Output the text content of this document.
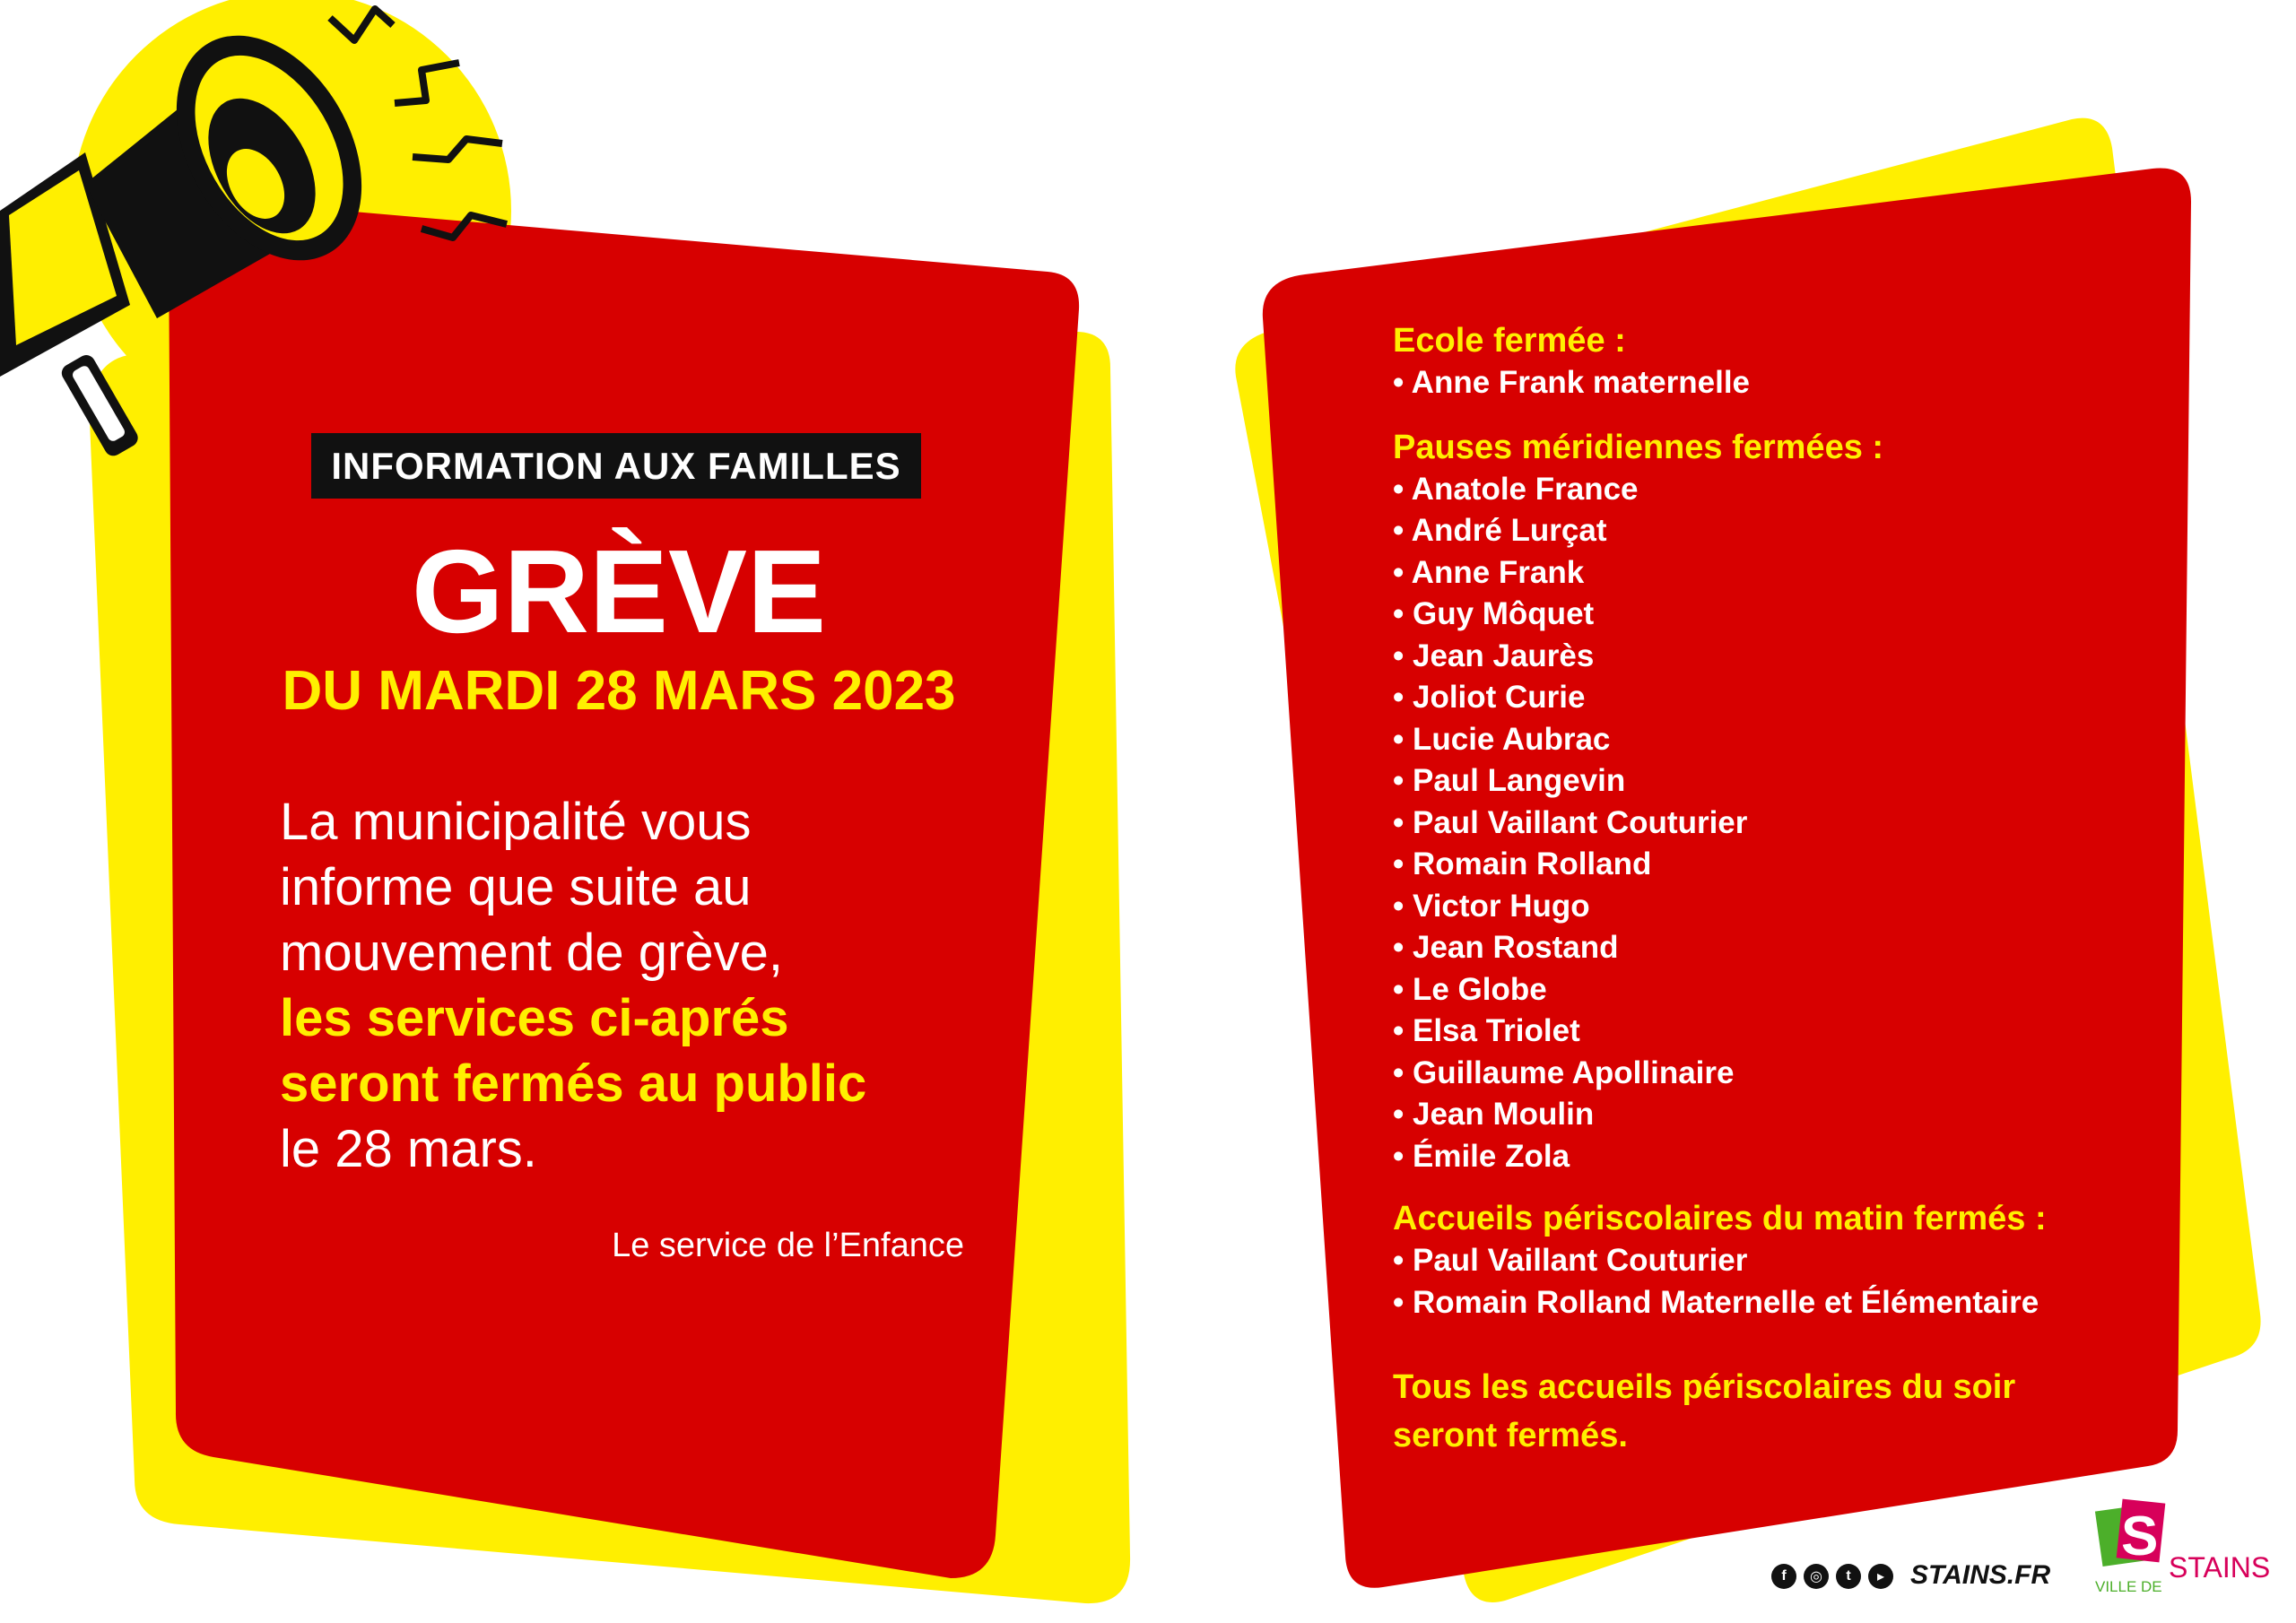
INFORMATION AUX FAMILLES
GRÈVE
DU MARDI 28 MARS 2023
La municipalité vous
informe que suite au
mouvement de grève,
les services ci-aprés
seront fermés au public
le 28 mars.
Le service de l’Enfance
Ecole fermée :
• Anne Frank maternelle
Pauses méridiennes fermées :
• Anatole France
• André Lurçat
• Anne Frank
• Guy Môquet
• Jean Jaurès
• Joliot Curie
• Lucie Aubrac
• Paul Langevin
• Paul Vaillant Couturier
• Romain Rolland
• Victor Hugo
• Jean Rostand
• Le Globe
• Elsa Triolet
• Guillaume Apollinaire
• Jean Moulin
• Émile Zola
Accueils périscolaires du matin fermés :
• Paul Vaillant Couturier
• Romain Rolland Maternelle et Élémentaire
Tous les accueils périscolaires du soir
seront fermés.
f	◎	t	▸ STAINS.FR
S STAINS
VILLE DE
